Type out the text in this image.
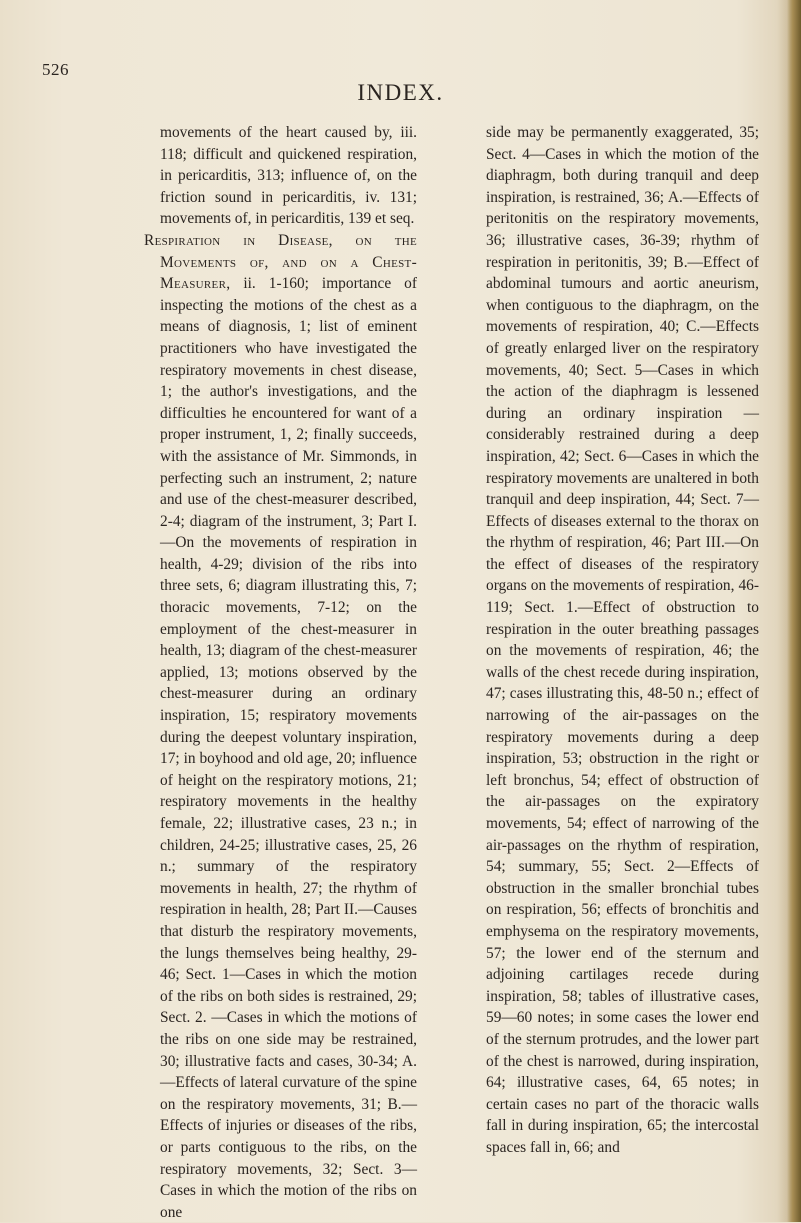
526
INDEX.

movements of the heart caused by, iii. 118; difficult and quickened respiration, in pericarditis, 313; influence of, on the friction sound in pericarditis, iv. 131; movements of, in pericarditis, 139 et seq.

Respiration in Disease, on the Movements of, and on a Chest-Measurer, ii. 1-160; importance of inspecting the motions of the chest as a means of diagnosis, 1; list of eminent practitioners who have investigated the respiratory movements in chest disease, 1; the author's investigations, and the difficulties he encountered for want of a proper instrument, 1, 2; finally succeeds, with the assistance of Mr. Simmonds, in perfecting such an instrument, 2; nature and use of the chest-measurer described, 2-4; diagram of the instrument, 3; Part I.—On the movements of respiration in health, 4-29; division of the ribs into three sets, 6; diagram illustrating this, 7; thoracic movements, 7-12; on the employment of the chest-measurer in health, 13; diagram of the chest-measurer applied, 13; motions observed by the chest-measurer during an ordinary inspiration, 15; respiratory movements during the deepest voluntary inspiration, 17; in boyhood and old age, 20; influence of height on the respiratory motions, 21; respiratory movements in the healthy female, 22; illustrative cases, 23 n.; in children, 24-25; illustrative cases, 25, 26 n.; summary of the respiratory movements in health, 27; the rhythm of respiration in health, 28; Part II.—Causes that disturb the respiratory movements, the lungs themselves being healthy, 29-46; Sect. 1—Cases in which the motion of the ribs on both sides is restrained, 29; Sect. 2. —Cases in which the motions of the ribs on one side may be restrained, 30; illustrative facts and cases, 30-34; A.—Effects of lateral curvature of the spine on the respiratory movements, 31; B.—Effects of injuries or diseases of the ribs, or parts contiguous to the ribs, on the respiratory movements, 32; Sect. 3—Cases in which the motion of the ribs on one

side may be permanently exaggerated, 35; Sect. 4—Cases in which the motion of the diaphragm, both during tranquil and deep inspiration, is restrained, 36; A.—Effects of peritonitis on the respiratory movements, 36; illustrative cases, 36-39; rhythm of respiration in peritonitis, 39; B.—Effect of abdominal tumours and aortic aneurism, when contiguous to the diaphragm, on the movements of respiration, 40; C.—Effects of greatly enlarged liver on the respiratory movements, 40; Sect. 5—Cases in which the action of the diaphragm is lessened during an ordinary inspiration — considerably restrained during a deep inspiration, 42; Sect. 6—Cases in which the respiratory movements are unaltered in both tranquil and deep inspiration, 44; Sect. 7—Effects of diseases external to the thorax on the rhythm of respiration, 46; Part III.—On the effect of diseases of the respiratory organs on the movements of respiration, 46-119; Sect. 1.—Effect of obstruction to respiration in the outer breathing passages on the movements of respiration, 46; the walls of the chest recede during inspiration, 47; cases illustrating this, 48-50 n.; effect of narrowing of the air-passages on the respiratory movements during a deep inspiration, 53; obstruction in the right or left bronchus, 54; effect of obstruction of the air-passages on the expiratory movements, 54; effect of narrowing of the air-passages on the rhythm of respiration, 54; summary, 55; Sect. 2—Effects of obstruction in the smaller bronchial tubes on respiration, 56; effects of bronchitis and emphysema on the respiratory movements, 57; the lower end of the sternum and adjoining cartilages recede during inspiration, 58; tables of illustrative cases, 59—60 notes; in some cases the lower end of the sternum protrudes, and the lower part of the chest is narrowed, during inspiration, 64; illustrative cases, 64, 65 notes; in certain cases no part of the thoracic walls fall in during inspiration, 65; the intercostal spaces fall in, 66; and
